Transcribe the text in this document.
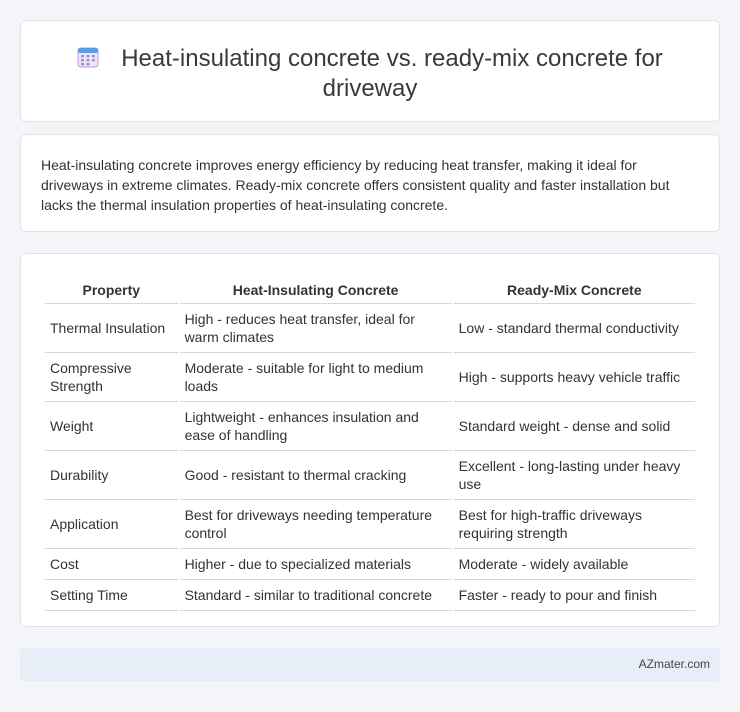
Heat-insulating concrete vs. ready-mix concrete for driveway

Heat-insulating concrete improves energy efficiency by reducing heat transfer, making it ideal for driveways in extreme climates. Ready-mix concrete offers consistent quality and faster installation but lacks the thermal insulation properties of heat-insulating concrete.

Property	Heat-Insulating Concrete	Ready-Mix Concrete
Thermal Insulation	High - reduces heat transfer, ideal for warm climates	Low - standard thermal conductivity
Compressive Strength	Moderate - suitable for light to medium loads	High - supports heavy vehicle traffic
Weight	Lightweight - enhances insulation and ease of handling	Standard weight - dense and solid
Durability	Good - resistant to thermal cracking	Excellent - long-lasting under heavy use
Application	Best for driveways needing temperature control	Best for high-traffic driveways requiring strength
Cost	Higher - due to specialized materials	Moderate - widely available
Setting Time	Standard - similar to traditional concrete	Faster - ready to pour and finish
AZmater.com
